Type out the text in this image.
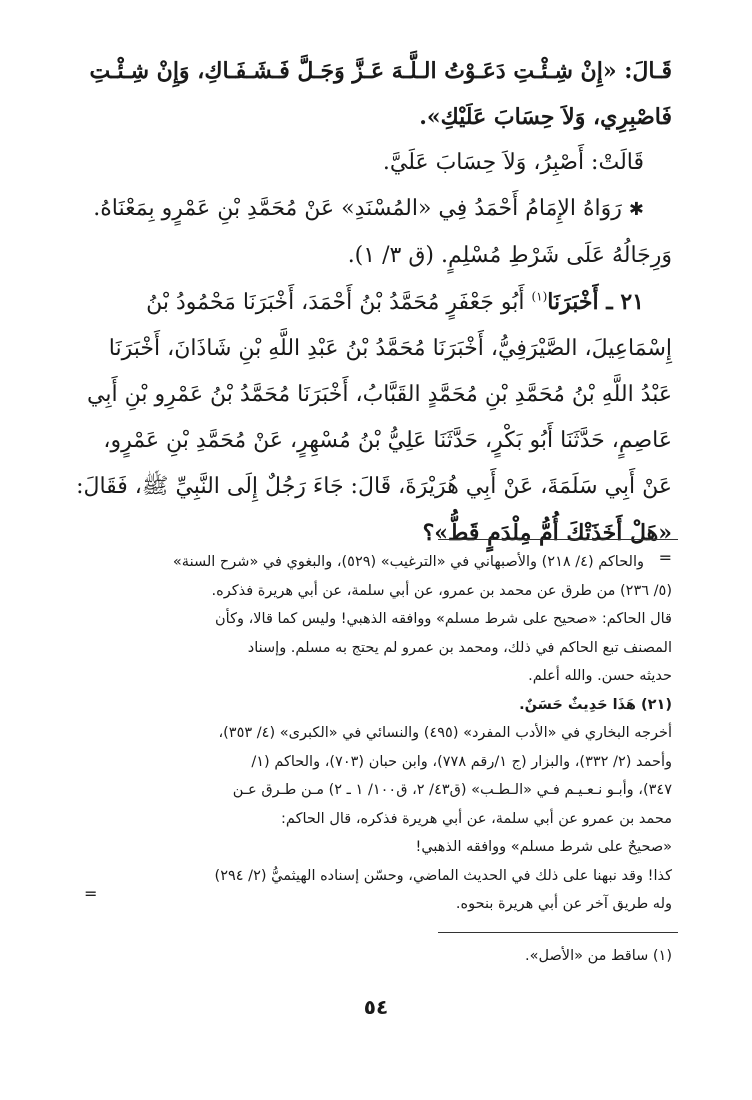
قَـالَ: «إِنْ شِـئْـتِ دَعَـوْتُ الـلَّـهَ عَـزَّ وَجَـلَّ فَـشَـفَـاكِ، وَإِنْ شِـئْـتِ

فَاصْبِرِي، وَلاَ حِسَابَ عَلَيْكِ».

قَالَتْ: أَصْبِرُ، وَلاَ حِسَابَ عَلَيَّ.

✱ رَوَاهُ الإِمَامُ أَحْمَدُ فِي «المُسْنَدِ» عَنْ مُحَمَّدِ بْنِ عَمْرٍو بِمَعْنَاهُ.

وَرِجَالُهُ عَلَى شَرْطِ مُسْلِمٍ. (ق ٣/ ١).

٢١ ـ أَخْبَرَنَا$^{(١)}$ أَبُو جَعْفَرٍ مُحَمَّدُ بْنُ أَحْمَدَ، أَخْبَرَنَا مَحْمُودُ بْنُ

إِسْمَاعِيلَ، الصَّيْرَفِيُّ، أَخْبَرَنَا مُحَمَّدُ بْنُ عَبْدِ اللَّهِ بْنِ شَاذَانَ، أَخْبَرَنَا

عَبْدُ اللَّهِ بْنُ مُحَمَّدِ بْنِ مُحَمَّدٍ القَبَّابُ، أَخْبَرَنَا مُحَمَّدُ بْنُ عَمْرِو بْنِ أَبِي

عَاصِمٍ، حَدَّثَنَا أَبُو بَكْرٍ، حَدَّثَنَا عَلِيُّ بْنُ مُسْهِرٍ، عَنْ مُحَمَّدِ بْنِ عَمْرٍو،

عَنْ أَبِي سَلَمَةَ، عَنْ أَبِي هُرَيْرَةَ، قَالَ: جَاءَ رَجُلٌ إِلَى النَّبِيِّ ﷺ، فَقَالَ:

«هَلْ أَخَذَتْكَ أُمُّ مِلْدَمٍ قَطُّ»؟

=

والحاكم (٤/ ٢١٨) والأصبهاني في «الترغيب» (٥٢٩)، والبغوي في «شرح السنة»

(٥/ ٢٣٦) من طرق عن محمد بن عمرو، عن أبي سلمة، عن أبي هريرة فذكره.

قال الحاكم: «صحيح على شرط مسلم» ووافقه الذهبي! وليس كما قالا، وكأن

المصنف تبع الحاكم في ذلك، ومحمد بن عمرو لم يحتج به مسلم. وإسناد

حديثه حسن. والله أعلم.

(٢١) هَذَا حَدِيثٌ حَسَنٌ.

أخرجه البخاري في «الأدب المفرد» (٤٩٥) والنسائي في «الكبرى» (٤/ ٣٥٣)،

وأحمد (٢/ ٣٣٢)، والبزار (ج ١/رقم ٧٧٨)، وابن حبان (٧٠٣)، والحاكم (١/

٣٤٧)، وأبـو نـعـيـم فـي «الـطـب» (ق٤٣/ ٢، ق١٠٠/ ١ ـ ٢) مـن طـرق عـن

محمد بن عمرو عن أبي سلمة، عن أبي هريرة فذكره، قال الحاكم:

«صحيحٌ على شرط مسلم» ووافقه الذهبي!

كذا! وقد نبهنا على ذلك في الحديث الماضي، وحسّن إسناده الهيثميُّ (٢/ ٢٩٤)

وله طريق آخر عن أبي هريرة بنحوه.

=
(١) ساقط من «الأصل».
٥٤
